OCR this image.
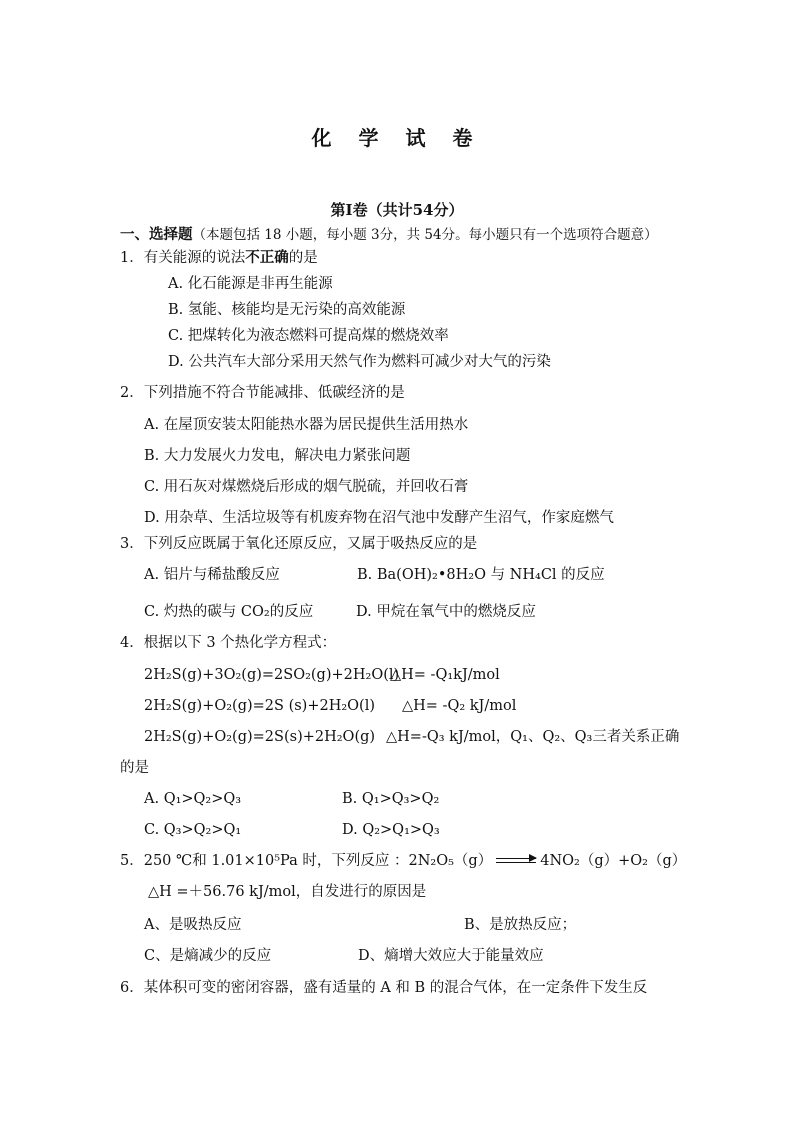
化 学 试 卷
第Ⅰ卷（共计54分）
一、选择题（本题包括 18 小题，每小题 3分，共 54分。每小题只有一个选项符合题意）
1．有关能源的说法不正确的是
A. 化石能源是非再生能源
B. 氢能、核能均是无污染的高效能源
C. 把煤转化为液态燃料可提高煤的燃烧效率
D. 公共汽车大部分采用天然气作为燃料可减少对大气的污染
2．下列措施不符合节能减排、低碳经济的是
A. 在屋顶安装太阳能热水器为居民提供生活用热水
B. 大力发展火力发电，解决电力紧张问题
C. 用石灰对煤燃烧后形成的烟气脱硫，并回收石膏
D. 用杂草、生活垃圾等有机废弃物在沼气池中发酵产生沼气，作家庭燃气
3．下列反应既属于氧化还原反应，又属于吸热反应的是
A. 铝片与稀盐酸反应	B. Ba(OH)₂•8H₂O 与 NH₄Cl 的反应
C. 灼热的碳与 CO₂的反应	D. 甲烷在氧气中的燃烧反应
4．根据以下 3 个热化学方程式：
2H₂S(g)+3O₂(g)=2SO₂(g)+2H₂O(l)
△H= -Q₁kJ/mol
2H₂S(g)+O₂(g)=2S (s)+2H₂O(l) △H= -Q₂ kJ/mol
2H₂S(g)+O₂(g)=2S(s)+2H₂O(g) △H=-Q₃ kJ/mol，Q₁、Q₂、Q₃三者关系正确
的是
A. Q₁>Q₂>Q₃	B. Q₁>Q₃>Q₂
C. Q₃>Q₂>Q₁	D. Q₂>Q₁>Q₃
5．250 ℃和 1.01×10⁵Pa 时，下列反应 ：2N₂O₅（g）	4NO₂（g）+O₂（g）
△H =＋56.76 kJ/mol，自发进行的原因是
A、是吸热反应	B、是放热反应；
C、是熵减少的反应	D、熵增大效应大于能量效应
6．某体积可变的密闭容器，盛有适量的 A 和 B 的混合气体，在一定条件下发生反
